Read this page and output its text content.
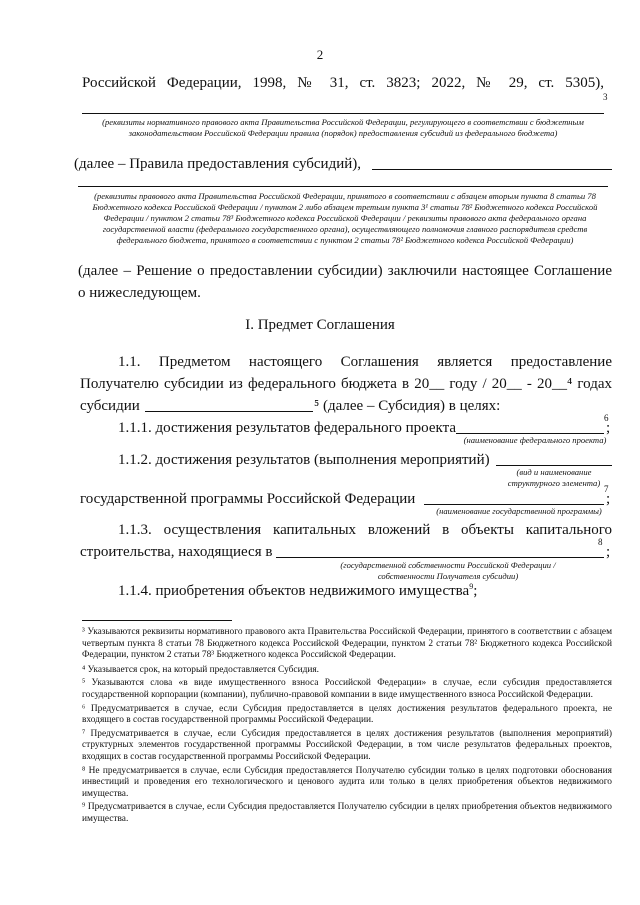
2
Российской Федерации, 1998, № 31, ст. 3823; 2022, № 29, ст. 5305),
3
(реквизиты нормативного правового акта Правительства Российской Федерации, регулирующего в соответствии с бюджетным законодательством Российской Федерации правила (порядок) предоставления субсидий из федерального бюджета)
(далее – Правила предоставления субсидий),
(реквизиты правового акта Правительства Российской Федерации, принятого в соответствии с абзацем вторым пункта 8 статьи 78 Бюджетного кодекса Российской Федерации / пунктом 2 либо абзацем третьим пункта 3¹ статьи 78² Бюджетного кодекса Российской Федерации / пунктом 2 статьи 78³ Бюджетного кодекса Российской Федерации / реквизиты правового акта федерального органа государственной власти (федерального государственного органа), осуществляющего полномочия главного распорядителя средств федерального бюджета, принятого в соответствии с пунктом 2 статьи 78² Бюджетного кодекса Российской Федерации)
(далее – Решение о предоставлении субсидии) заключили настоящее Соглашение
о нижеследующем.
I. Предмет Соглашения
1.1. Предметом настоящего Соглашения является предоставление
Получателю субсидии из федерального бюджета в 20__ году / 20__ - 20__⁴ годах
субсидии	⁵ (далее – Субсидия) в целях:
1.1.1. достижения результатов федерального проекта
6
;
(наименование федерального проекта)
1.1.2. достижения результатов (выполнения мероприятий)
(вид и наименование структурного элемента)
государственной программы Российской Федерации
7
;
(наименование государственной программы)
1.1.3. осуществления капитальных вложений в объекты капитального
строительства, находящиеся в
8
;
(государственной собственности Российской Федерации / собственности Получателя субсидии)
1.1.4. приобретения объектов недвижимого имущества$^9$;
³ Указываются реквизиты нормативного правового акта Правительства Российской Федерации, принятого в соответствии с абзацем четвертым пункта 8 статьи 78 Бюджетного кодекса Российской Федерации, пунктом 2 статьи 78² Бюджетного кодекса Российской Федерации, пунктом 2 статьи 78³ Бюджетного кодекса Российской Федерации.
⁴ Указывается срок, на который предоставляется Субсидия.
⁵ Указываются слова «в виде имущественного взноса Российской Федерации» в случае, если субсидия предоставляется государственной корпорации (компании), публично-правовой компании в виде имущественного взноса Российской Федерации.
⁶ Предусматривается в случае, если Субсидия предоставляется в целях достижения результатов федерального проекта, не входящего в состав государственной программы Российской Федерации.
⁷ Предусматривается в случае, если Субсидия предоставляется в целях достижения результатов (выполнения мероприятий) структурных элементов государственной программы Российской Федерации, в том числе результатов федеральных проектов, входящих в состав государственной программы Российской Федерации.
⁸ Не предусматривается в случае, если Субсидия предоставляется Получателю субсидии только в целях подготовки обоснования инвестиций и проведения его технологического и ценового аудита или только в целях приобретения объектов недвижимого имущества.
⁹ Предусматривается в случае, если Субсидия предоставляется Получателю субсидии в целях приобретения объектов недвижимого имущества.
